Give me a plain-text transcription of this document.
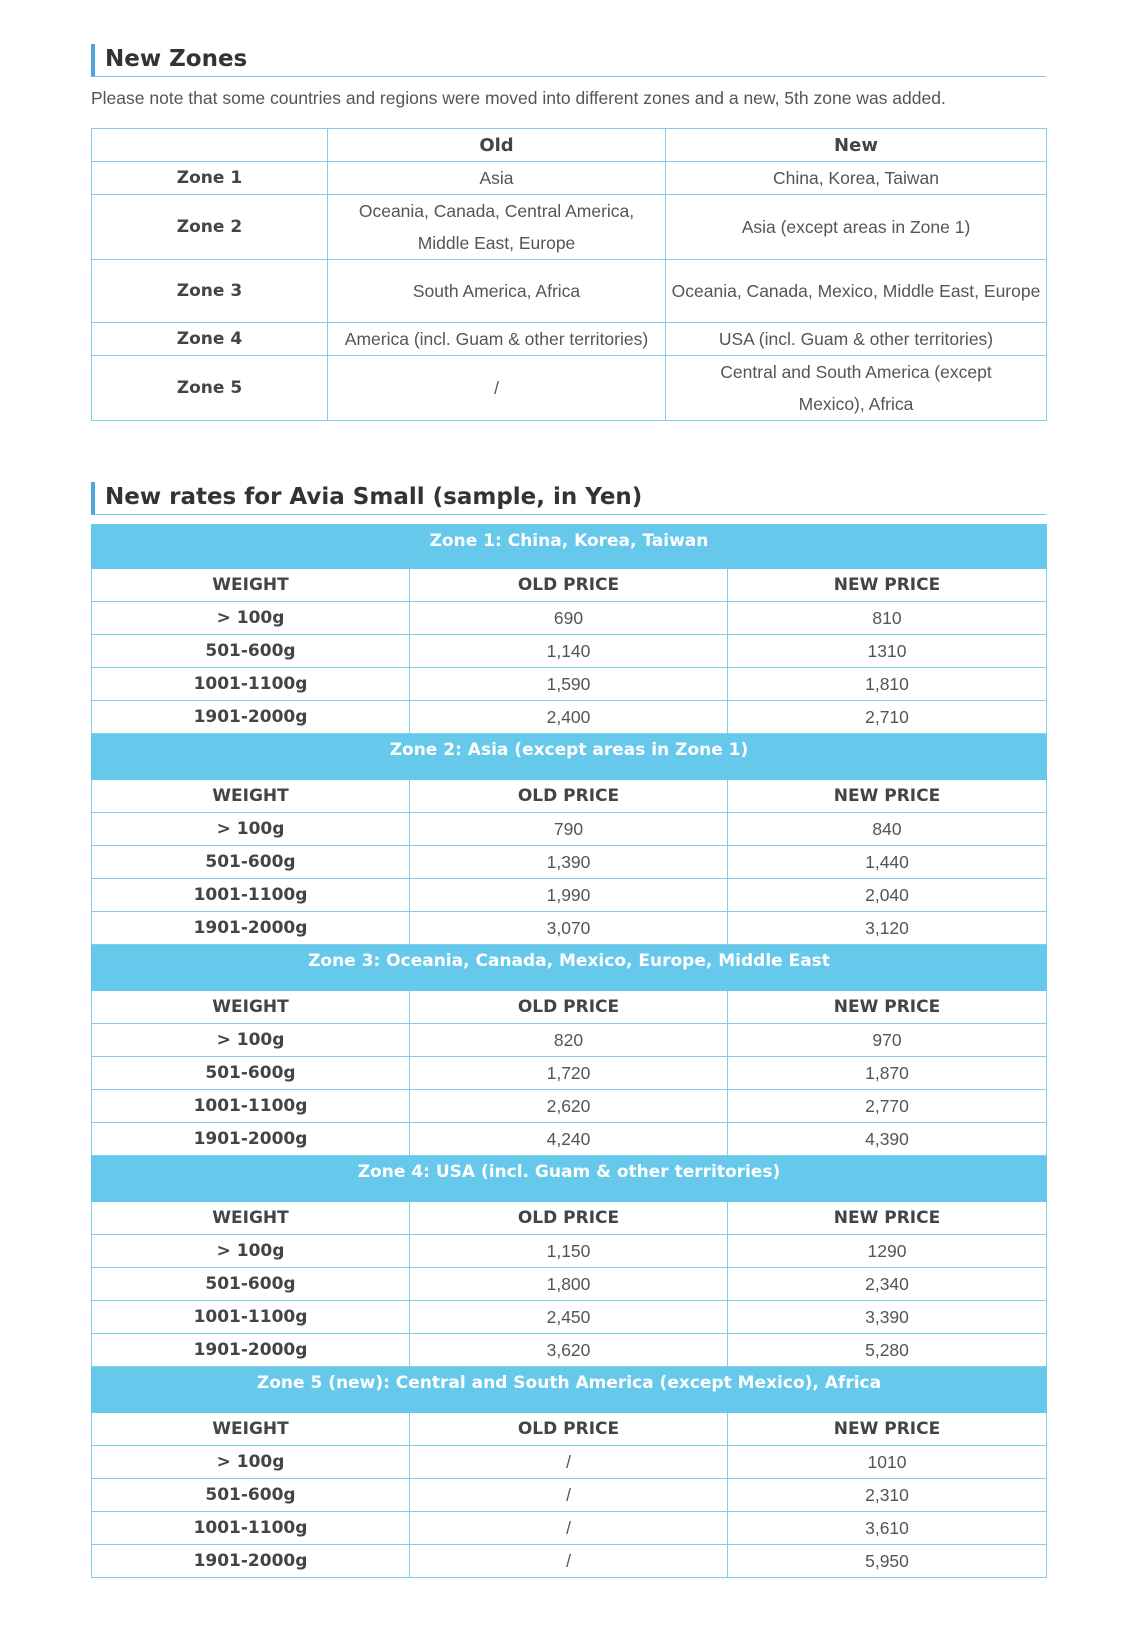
New Zones
Please note that some countries and regions were moved into different zones and a new, 5th zone was added.
	Old	New
Zone 1	Asia	China, Korea, Taiwan
Zone 2	Oceania, Canada, Central America, Middle East, Europe	Asia (except areas in Zone 1)
Zone 3	South America, Africa	Oceania, Canada, Mexico, Middle East, Europe
Zone 4	America (incl. Guam & other territories)	USA (incl. Guam & other territories)
Zone 5	/	Central and South America (except Mexico), Africa
New rates for Avia Small (sample, in Yen)
Zone 1: China, Korea, Taiwan		
WEIGHT	OLD PRICE	NEW PRICE
> 100g	690	810
501-600g	1,140	1310
1001-1100g	1,590	1,810
1901-2000g	2,400	2,710
Zone 2: Asia (except areas in Zone 1)		
WEIGHT	OLD PRICE	NEW PRICE
> 100g	790	840
501-600g	1,390	1,440
1001-1100g	1,990	2,040
1901-2000g	3,070	3,120
Zone 3: Oceania, Canada, Mexico, Europe, Middle East		
WEIGHT	OLD PRICE	NEW PRICE
> 100g	820	970
501-600g	1,720	1,870
1001-1100g	2,620	2,770
1901-2000g	4,240	4,390
Zone 4: USA (incl. Guam & other territories)		
WEIGHT	OLD PRICE	NEW PRICE
> 100g	1,150	1290
501-600g	1,800	2,340
1001-1100g	2,450	3,390
1901-2000g	3,620	5,280
Zone 5 (new): Central and South America (except Mexico), Africa		
WEIGHT	OLD PRICE	NEW PRICE
> 100g	/	1010
501-600g	/	2,310
1001-1100g	/	3,610
1901-2000g	/	5,950
